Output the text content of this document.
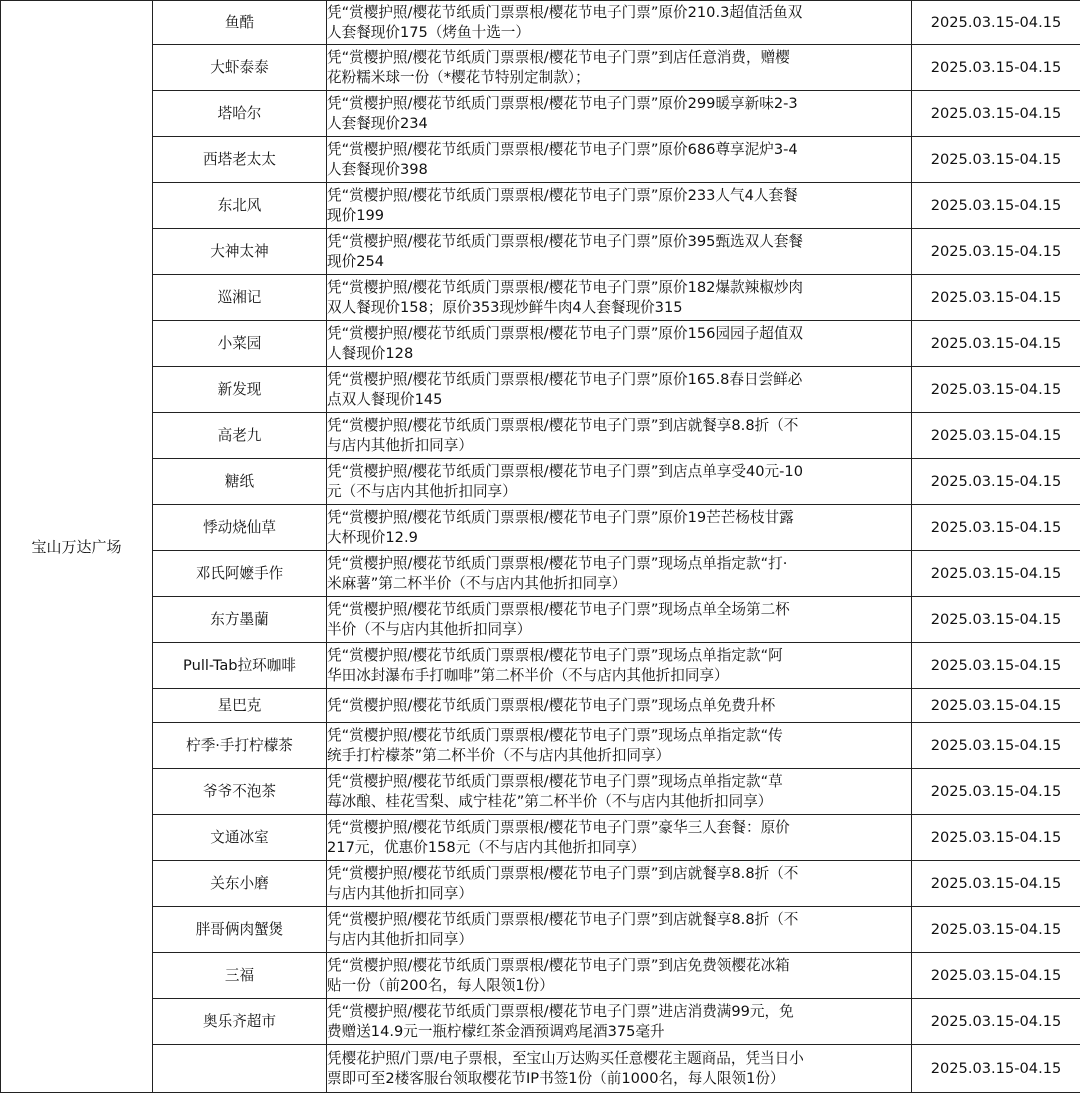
宝山万达广场	鱼酷	凭“赏樱护照/樱花节纸质门票票根/樱花节电子门票”原价210.3超值活鱼双
人套餐现价175（烤鱼十选一）	2025.03.15-04.15
	大虾泰泰	凭“赏樱护照/樱花节纸质门票票根/樱花节电子门票”到店任意消费，赠樱
花粉糯米球一份（*樱花节特别定制款）；	2025.03.15-04.15
	塔哈尔	凭“赏樱护照/樱花节纸质门票票根/樱花节电子门票”原价299暖享新味2-3
人套餐现价234	2025.03.15-04.15
	西塔老太太	凭“赏樱护照/樱花节纸质门票票根/樱花节电子门票”原价686尊享泥炉3-4
人套餐现价398	2025.03.15-04.15
	东北风	凭“赏樱护照/樱花节纸质门票票根/樱花节电子门票”原价233人气4人套餐
现价199	2025.03.15-04.15
	大神太神	凭“赏樱护照/樱花节纸质门票票根/樱花节电子门票”原价395甄选双人套餐
现价254	2025.03.15-04.15
	巡湘记	凭“赏樱护照/樱花节纸质门票票根/樱花节电子门票”原价182爆款辣椒炒肉
双人餐现价158；原价353现炒鲜牛肉4人套餐现价315	2025.03.15-04.15
	小菜园	凭“赏樱护照/樱花节纸质门票票根/樱花节电子门票”原价156园园子超值双
人餐现价128	2025.03.15-04.15
	新发现	凭“赏樱护照/樱花节纸质门票票根/樱花节电子门票”原价165.8春日尝鲜必
点双人餐现价145	2025.03.15-04.15
	高老九	凭“赏樱护照/樱花节纸质门票票根/樱花节电子门票”到店就餐享8.8折（不
与店内其他折扣同享）	2025.03.15-04.15
	糖纸	凭“赏樱护照/樱花节纸质门票票根/樱花节电子门票”到店点单享受40元-10
元（不与店内其他折扣同享）	2025.03.15-04.15
	悸动烧仙草	凭“赏樱护照/樱花节纸质门票票根/樱花节电子门票”原价19芒芒杨枝甘露
大杯现价12.9	2025.03.15-04.15
	邓氏阿嬷手作	凭“赏樱护照/樱花节纸质门票票根/樱花节电子门票”现场点单指定款“打·
米麻薯”第二杯半价（不与店内其他折扣同享）	2025.03.15-04.15
	东方墨蘭	凭“赏樱护照/樱花节纸质门票票根/樱花节电子门票”现场点单全场第二杯
半价（不与店内其他折扣同享）	2025.03.15-04.15
	Pull-Tab拉环咖啡	凭“赏樱护照/樱花节纸质门票票根/樱花节电子门票”现场点单指定款“阿
华田冰封瀑布手打咖啡”第二杯半价（不与店内其他折扣同享）	2025.03.15-04.15
	星巴克	凭“赏樱护照/樱花节纸质门票票根/樱花节电子门票”现场点单免费升杯	2025.03.15-04.15
	柠季·手打柠檬茶	凭“赏樱护照/樱花节纸质门票票根/樱花节电子门票”现场点单指定款“传
统手打柠檬茶”第二杯半价（不与店内其他折扣同享）	2025.03.15-04.15
	爷爷不泡茶	凭“赏樱护照/樱花节纸质门票票根/樱花节电子门票”现场点单指定款“草
莓冰酿、桂花雪梨、咸宁桂花”第二杯半价（不与店内其他折扣同享）	2025.03.15-04.15
	文通冰室	凭“赏樱护照/樱花节纸质门票票根/樱花节电子门票”豪华三人套餐：原价
217元，优惠价158元（不与店内其他折扣同享）	2025.03.15-04.15
	关东小磨	凭“赏樱护照/樱花节纸质门票票根/樱花节电子门票”到店就餐享8.8折（不
与店内其他折扣同享）	2025.03.15-04.15
	胖哥俩肉蟹煲	凭“赏樱护照/樱花节纸质门票票根/樱花节电子门票”到店就餐享8.8折（不
与店内其他折扣同享）	2025.03.15-04.15
	三福	凭“赏樱护照/樱花节纸质门票票根/樱花节电子门票”到店免费领樱花冰箱
贴一份（前200名，每人限领1份）	2025.03.15-04.15
	奥乐齐超市	凭“赏樱护照/樱花节纸质门票票根/樱花节电子门票”进店消费满99元，免
费赠送14.9元一瓶柠檬红茶金酒预调鸡尾酒375毫升	2025.03.15-04.15
		凭樱花护照/门票/电子票根，至宝山万达购买任意樱花主题商品，凭当日小
票即可至2楼客服台领取樱花节IP书签1份（前1000名，每人限领1份）	2025.03.15-04.15
